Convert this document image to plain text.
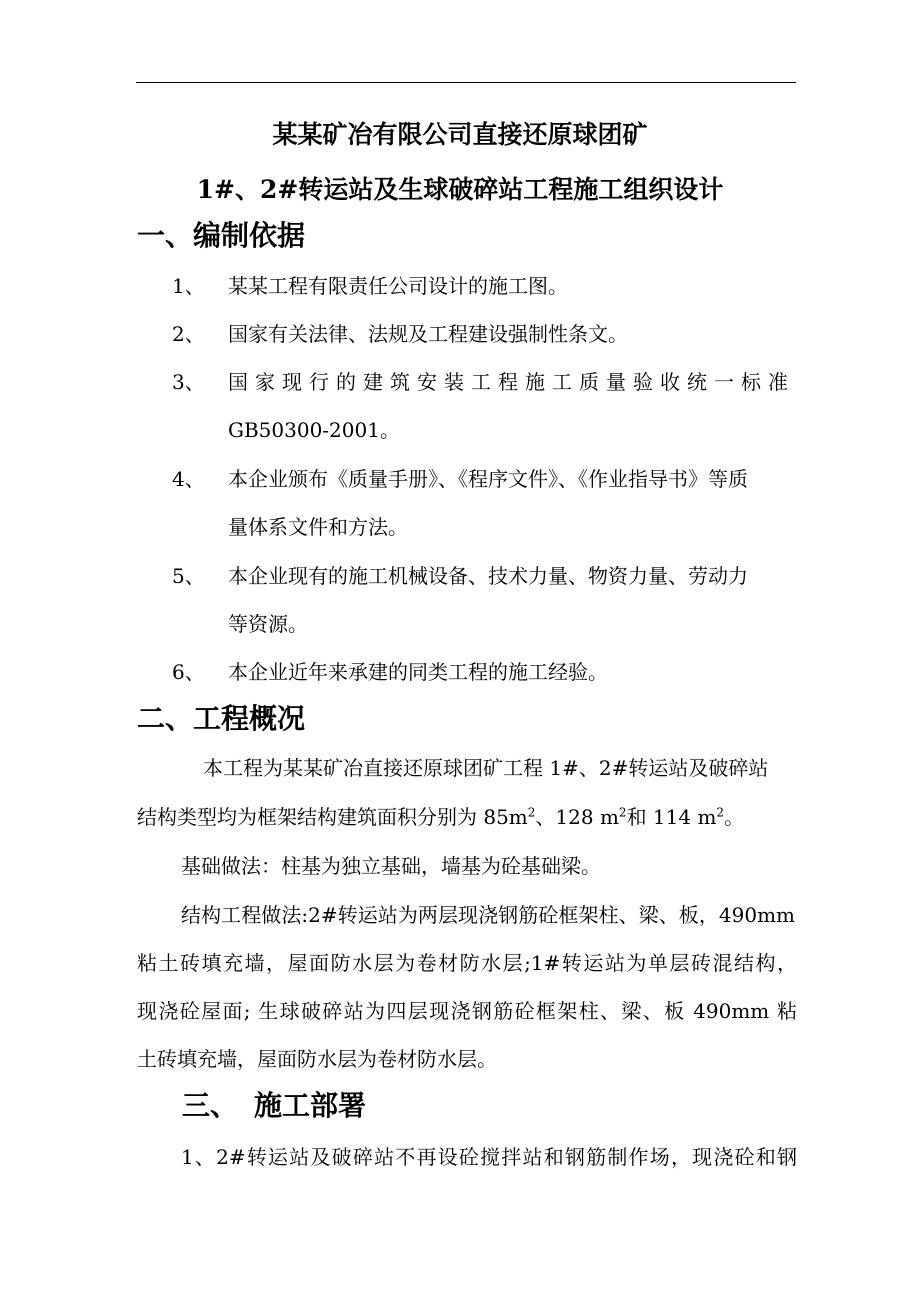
某某矿冶有限公司直接还原球团矿
1#、2#转运站及生球破碎站工程施工组织设计
一、编制依据
1、 某某工程有限责任公司设计的施工图。
2、 国家有关法律、法规及工程建设强制性条文。
3、 国家现行的建筑安装工程施工质量验收统一标准
GB50300-2001。
4、 本企业颁布《质量手册》、《程序文件》、《作业指导书》等质
量体系文件和方法。
5、 本企业现有的施工机械设备、技术力量、物资力量、劳动力
等资源。
6、 本企业近年来承建的同类工程的施工经验。
二、工程概况
本工程为某某矿冶直接还原球团矿工程 1#、2#转运站及破碎站
结构类型均为框架结构建筑面积分别为 $85m^2$、128 $m^2$和 114 $m^2$。
基础做法：柱基为独立基础，墙基为砼基础梁。
结构工程做法:2#转运站为两层现浇钢筋砼框架柱、梁、板，490mm
粘土砖填充墙，屋面防水层为卷材防水层;1#转运站为单层砖混结构，
现浇砼屋面; 生球破碎站为四层现浇钢筋砼框架柱、梁、板 490mm 粘
土砖填充墙，屋面防水层为卷材防水层。
三、 施工部署
1、2#转运站及破碎站不再设砼搅拌站和钢筋制作场，现浇砼和钢
